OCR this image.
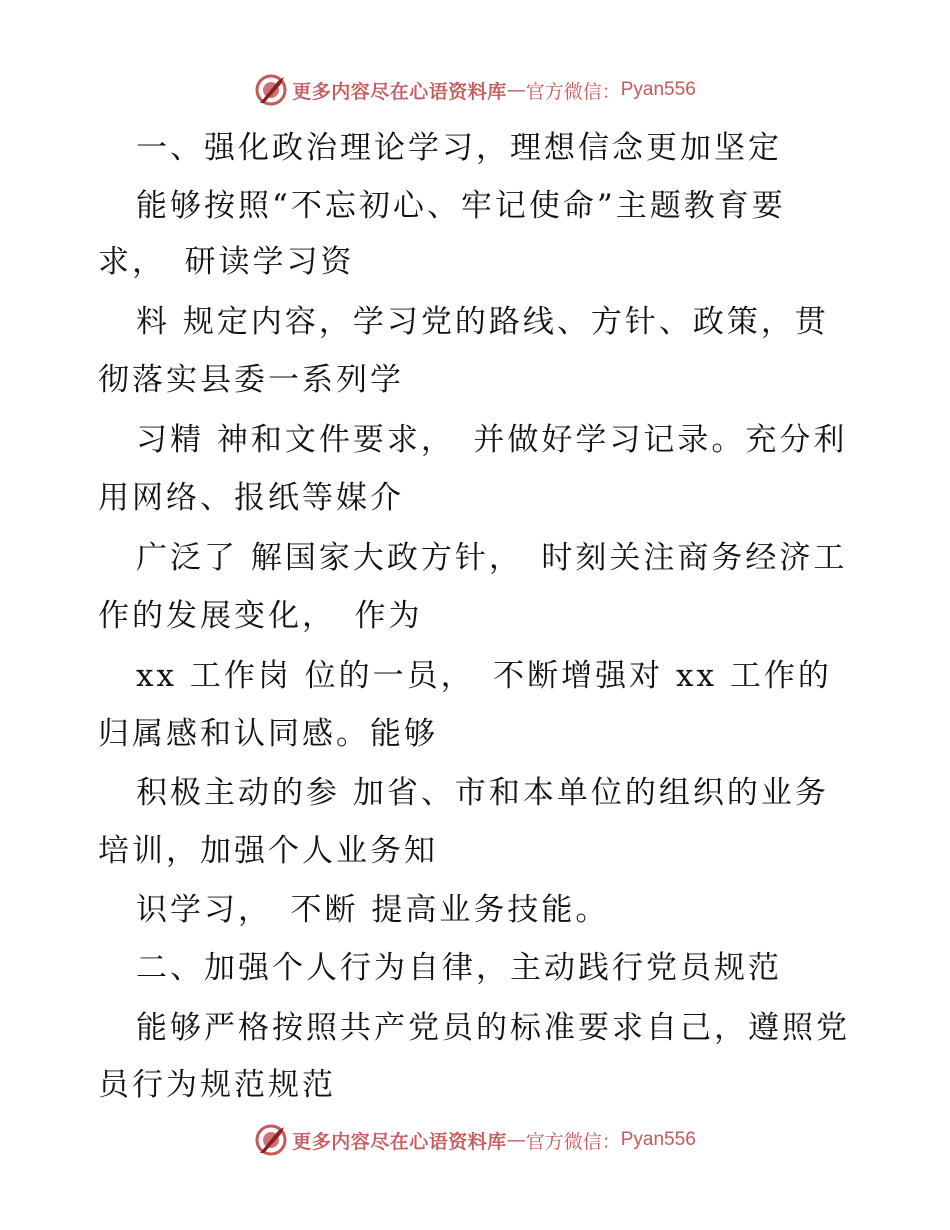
更多内容尽在心语资料库 — 官方微信： Pyan556
一、强化政治理论学习，理想信念更加坚定
能够按照“不忘初心、牢记使命”主题教育要
求，　研读学习资
料 规定内容，学习党的路线、方针、政策，贯
彻落实县委一系列学
习精 神和文件要求，　并做好学习记录。充分利
用网络、报纸等媒介
广泛了 解国家大政方针，　时刻关注商务经济工
作的发展变化，　作为
xx 工作岗 位的一员，　不断增强对 xx 工作的
归属感和认同感。能够
积极主动的参 加省、市和本单位的组织的业务
培训，加强个人业务知
识学习，　不断 提高业务技能。
二、加强个人行为自律，主动践行党员规范
能够严格按照共产党员的标准要求自己，遵照党
员行为规范规范
更多内容尽在心语资料库 — 官方微信： Pyan556
